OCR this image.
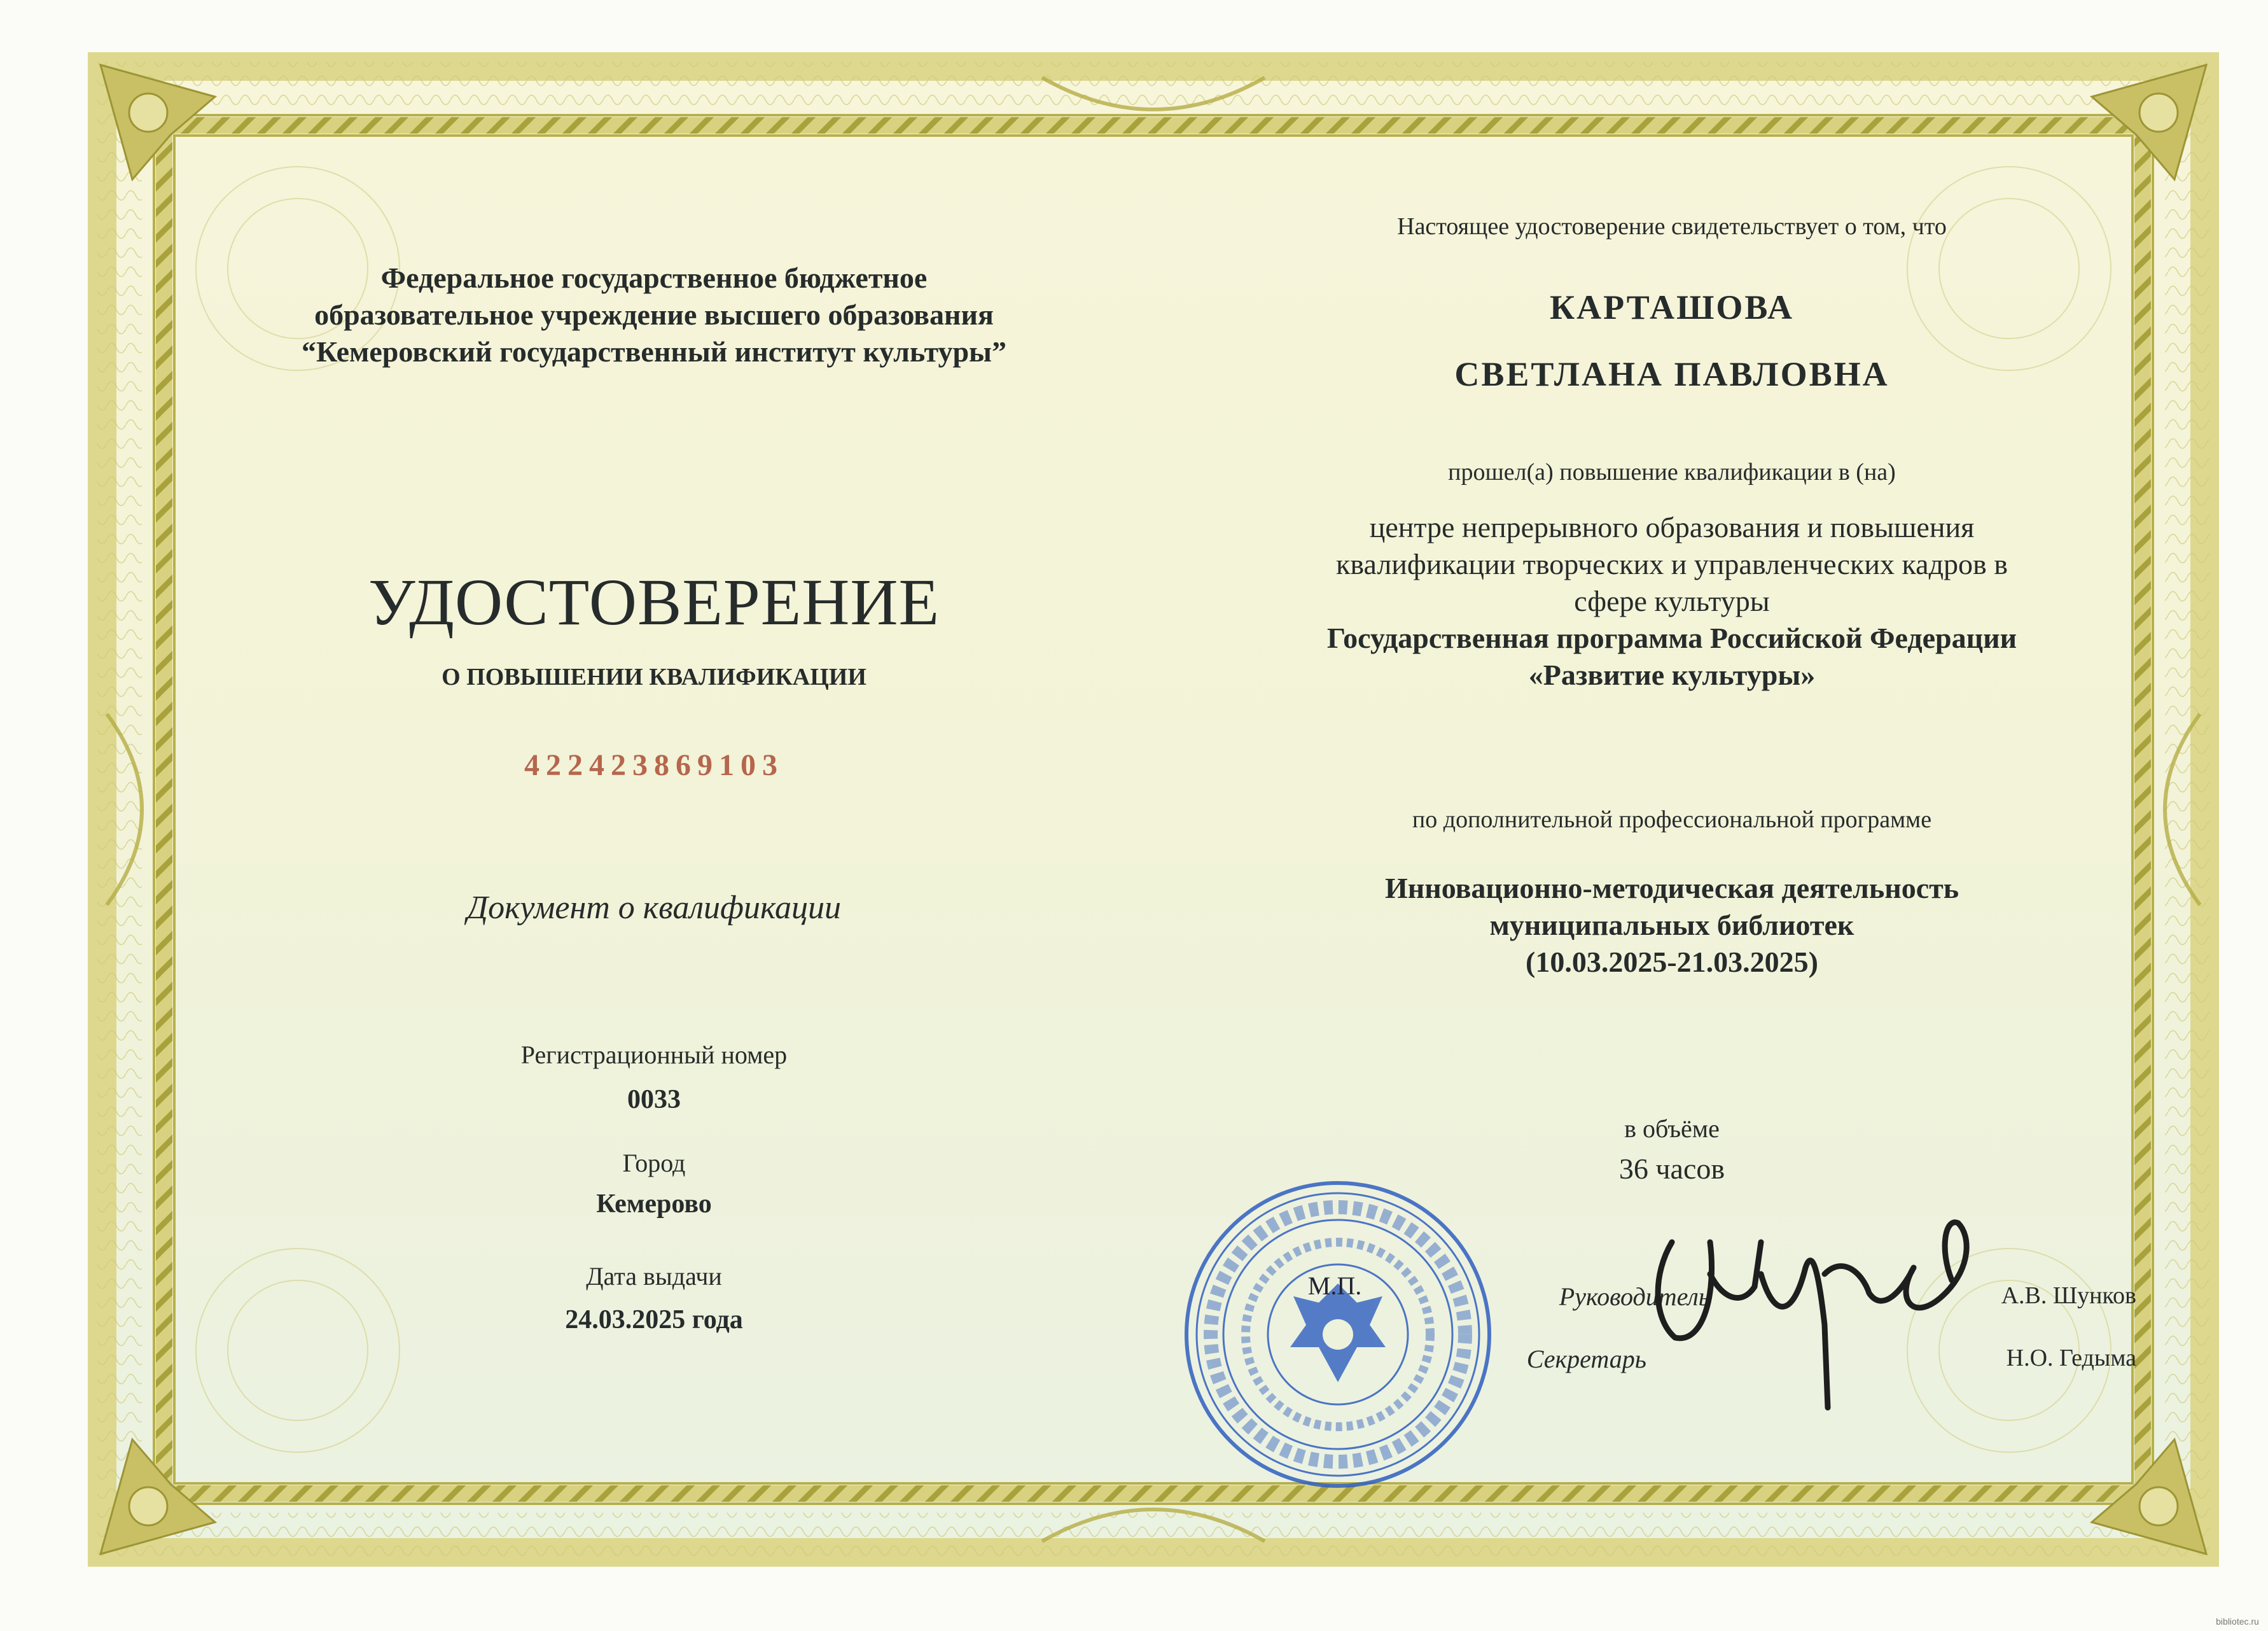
Федеральное государственное бюджетное
образовательное учреждение высшего образования
“Кемеровский государственный институт культуры”
УДОСТОВЕРЕНИЕ
О ПОВЫШЕНИИ КВАЛИФИКАЦИИ
422423869103
Документ о квалификации
Регистрационный номер
0033
Город
Кемерово
Дата выдачи
24.03.2025 года
Настоящее удостоверение свидетельствует о том, что
КАРТАШОВА
СВЕТЛАНА ПАВЛОВНА
прошел(а) повышение квалификации в (на)
центре непрерывного образования и повышения
квалификации творческих и управленческих кадров в
сфере культуры
Государственная программа Российской Федерации
«Развитие культуры»
по дополнительной профессиональной программе
Инновационно-методическая деятельность
муниципальных библиотек
(10.03.2025-21.03.2025)
в объёме
36 часов
Руководитель	А.В. Шунков
Секретарь	Н.О. Гедыма
М.П.
bibliotec.ru
